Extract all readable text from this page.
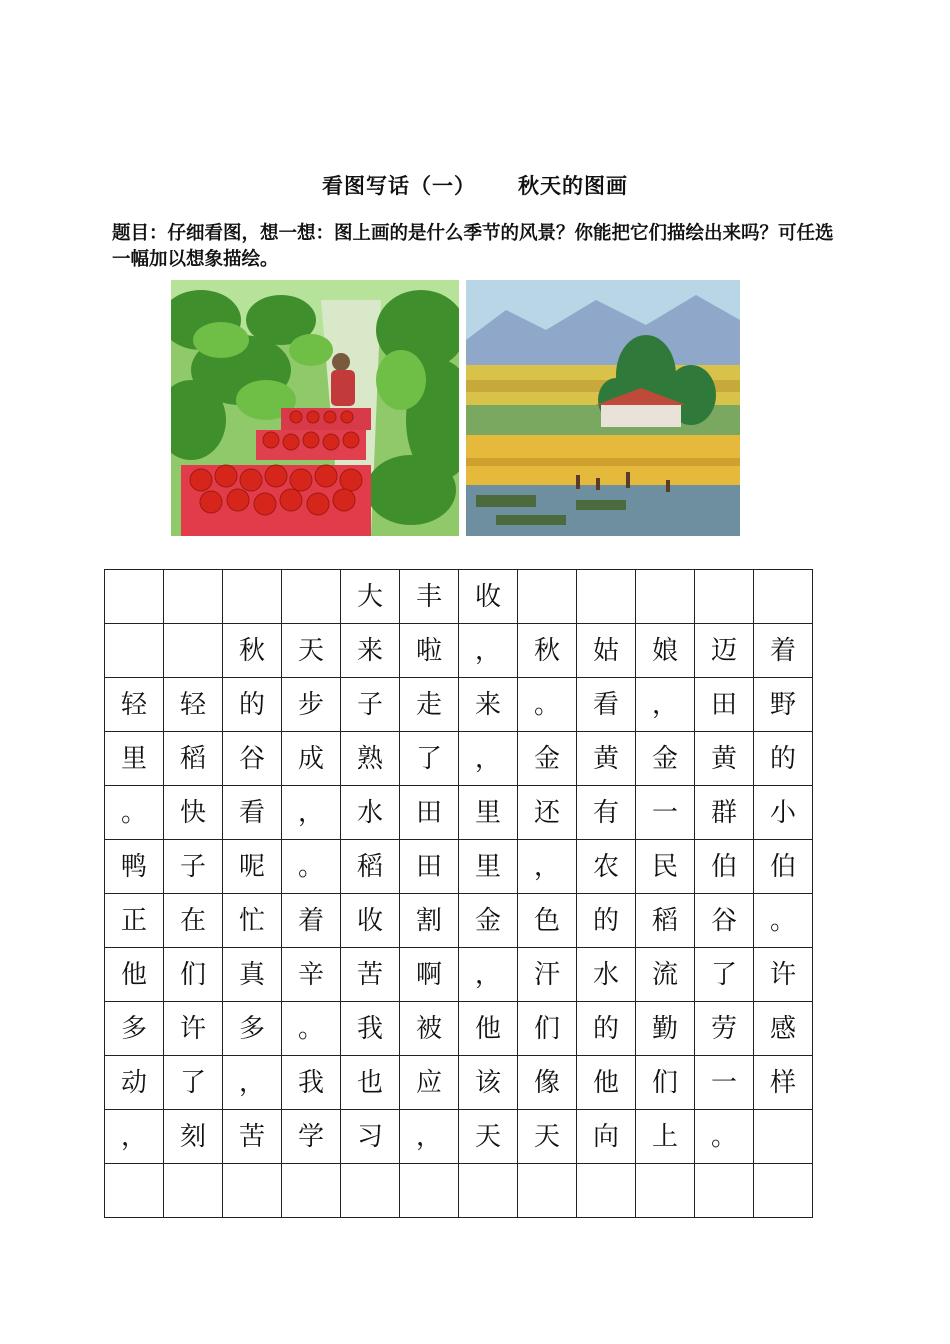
看图写话（一） 秋天的图画
题目：仔细看图，想一想：图上画的是什么季节的风景？你能把它们描绘出来吗？可任选一幅加以想象描绘。
				大	丰	收					
		秋	天	来	啦	，	秋	姑	娘	迈	着
轻	轻	的	步	子	走	来	。	看	，	田	野
里	稻	谷	成	熟	了	，	金	黄	金	黄	的
。	快	看	，	水	田	里	还	有	一	群	小
鸭	子	呢	。	稻	田	里	，	农	民	伯	伯
正	在	忙	着	收	割	金	色	的	稻	谷	。
他	们	真	辛	苦	啊	，	汗	水	流	了	许
多	许	多	。	我	被	他	们	的	勤	劳	感
动	了	，	我	也	应	该	像	他	们	一	样
，	刻	苦	学	习	，	天	天	向	上	。	
